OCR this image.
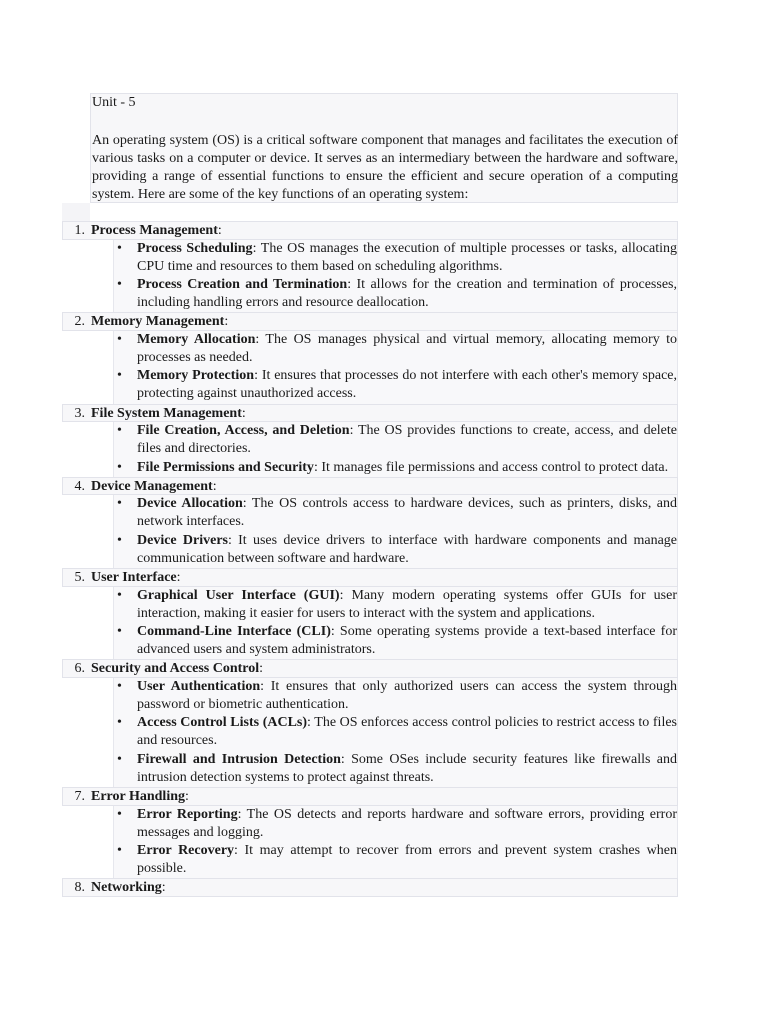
Unit - 5
An operating system (OS) is a critical software component that manages and facilitates the execution of various tasks on a computer or device. It serves as an intermediary between the hardware and software, providing a range of essential functions to ensure the efficient and secure operation of a computing system. Here are some of the key functions of an operating system:
1. Process Management:
• Process Scheduling: The OS manages the execution of multiple processes or tasks, allocating CPU time and resources to them based on scheduling algorithms.
• Process Creation and Termination: It allows for the creation and termination of processes, including handling errors and resource deallocation.
2. Memory Management:
• Memory Allocation: The OS manages physical and virtual memory, allocating memory to processes as needed.
• Memory Protection: It ensures that processes do not interfere with each other's memory space, protecting against unauthorized access.
3. File System Management:
• File Creation, Access, and Deletion: The OS provides functions to create, access, and delete files and directories.
• File Permissions and Security: It manages file permissions and access control to protect data.
4. Device Management:
• Device Allocation: The OS controls access to hardware devices, such as printers, disks, and network interfaces.
• Device Drivers: It uses device drivers to interface with hardware components and manage communication between software and hardware.
5. User Interface:
• Graphical User Interface (GUI): Many modern operating systems offer GUIs for user interaction, making it easier for users to interact with the system and applications.
• Command-Line Interface (CLI): Some operating systems provide a text-based interface for advanced users and system administrators.
6. Security and Access Control:
• User Authentication: It ensures that only authorized users can access the system through password or biometric authentication.
• Access Control Lists (ACLs): The OS enforces access control policies to restrict access to files and resources.
• Firewall and Intrusion Detection: Some OSes include security features like firewalls and intrusion detection systems to protect against threats.
7. Error Handling:
• Error Reporting: The OS detects and reports hardware and software errors, providing error messages and logging.
• Error Recovery: It may attempt to recover from errors and prevent system crashes when possible.
8. Networking:
